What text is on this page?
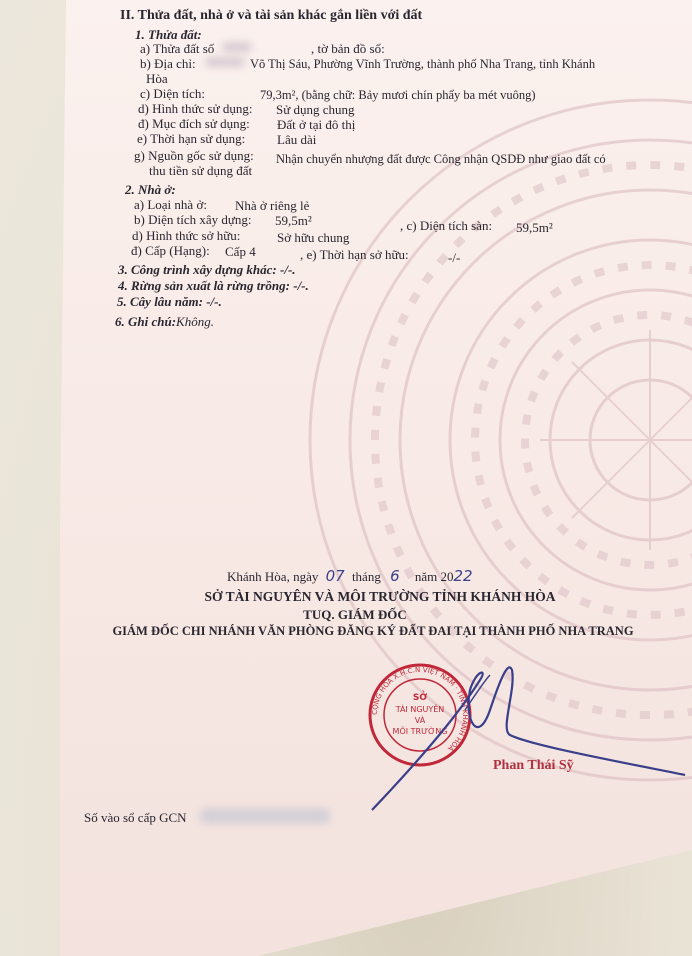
II. Thửa đất, nhà ở và tài sản khác gắn liền với đất
1. Thửa đất:
a) Thửa đất số	, tờ bản đồ số:
b) Địa chỉ:	Võ Thị Sáu, Phường Vĩnh Trường, thành phố Nha Trang, tỉnh Khánh
Hòa
c) Diện tích:	79,3m², (bằng chữ: Bảy mươi chín phẩy ba mét vuông)
d) Hình thức sử dụng: Sử dụng chung
đ) Mục đích sử dụng: Đất ở tại đô thị
e) Thời hạn sử dụng: Lâu dài
g) Nguồn gốc sử dụng: Nhận chuyển nhượng đất được Công nhận QSDĐ như giao đất có
thu tiền sử dụng đất
2. Nhà ở:
a) Loại nhà ở: Nhà ở riêng lẻ
b) Diện tích xây dựng: 59,5m²	, c) Diện tích sàn: 59,5m²
d) Hình thức sở hữu:	Sở hữu chung
đ) Cấp (Hạng): Cấp 4	, e) Thời hạn sở hữu:	-/-
3. Công trình xây dựng khác: -/-.
4. Rừng sản xuất là rừng trồng: -/-.
5. Cây lâu năm: -/-.
6. Ghi chú:Không.
Khánh Hòa, ngày 07 tháng 6 năm 2022
SỞ TÀI NGUYÊN VÀ MÔI TRƯỜNG TỈNH KHÁNH HÒA
TUQ. GIÁM ĐỐC
GIÁM ĐỐC CHI NHÁNH VĂN PHÒNG ĐĂNG KÝ ĐẤT ĐAI TẠI THÀNH PHỐ NHA TRANG
CỘNG HÒA X.H.C.N VIỆT NAM · TỈNH KHÁNH HÒA
SỞ
TÀI NGUYÊN
VÀ
MÔI TRƯỜNG
Phan Thái Sỹ
Số vào sổ cấp GCN
